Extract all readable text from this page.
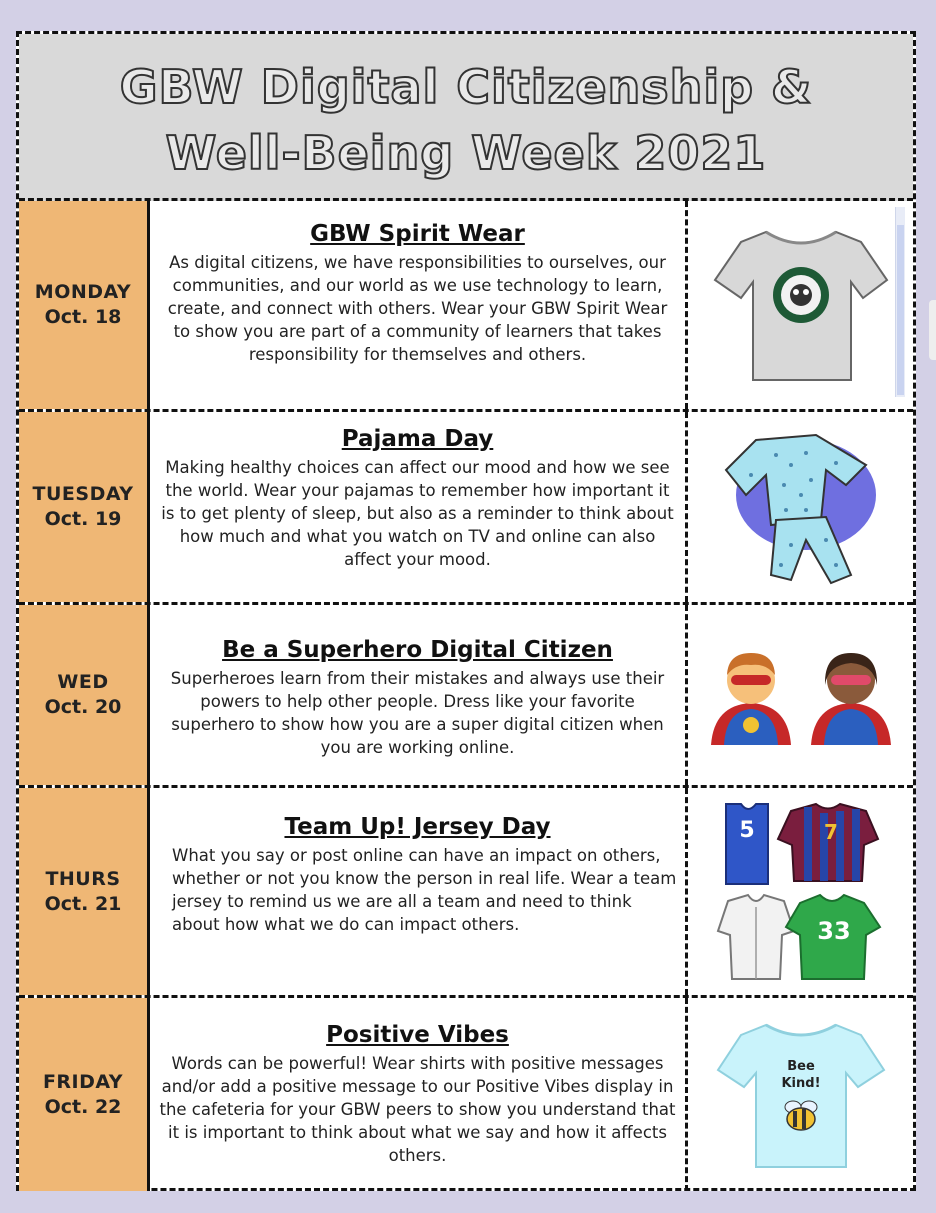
GBW Digital Citizenship &
Well-Being Week 2021
MONDAY
Oct. 18
GBW Spirit Wear
As digital citizens, we have responsibilities to ourselves, our communities, and our world as we use technology to learn, create, and connect with others. Wear your GBW Spirit Wear to show you are part of a community of learners that takes responsibility for themselves and others.
TUESDAY
Oct. 19
Pajama Day
Making healthy choices can affect our mood and how we see the world. Wear your pajamas to remember how important it is to get plenty of sleep, but also as a reminder to think about how much and what you watch on TV and online can also affect your mood.
WED
Oct. 20
Be a Superhero Digital Citizen
Superheroes learn from their mistakes and always use their powers to help other people. Dress like your favorite superhero to show how you are a super digital citizen when you are working online.
THURS
Oct. 21
Team Up! Jersey Day
What you say or post online can have an impact on others, whether or not you know the person in real life. Wear a team jersey to remind us we are all a team and need to think about how what we do can impact others.
5	7
33
FRIDAY
Oct. 22
Positive Vibes
Words can be powerful! Wear shirts with positive messages and/or add a positive message to our Positive Vibes display in the cafeteria for your GBW peers to show you understand that it is important to think about what we say and how it affects others.
Bee
Kind!
